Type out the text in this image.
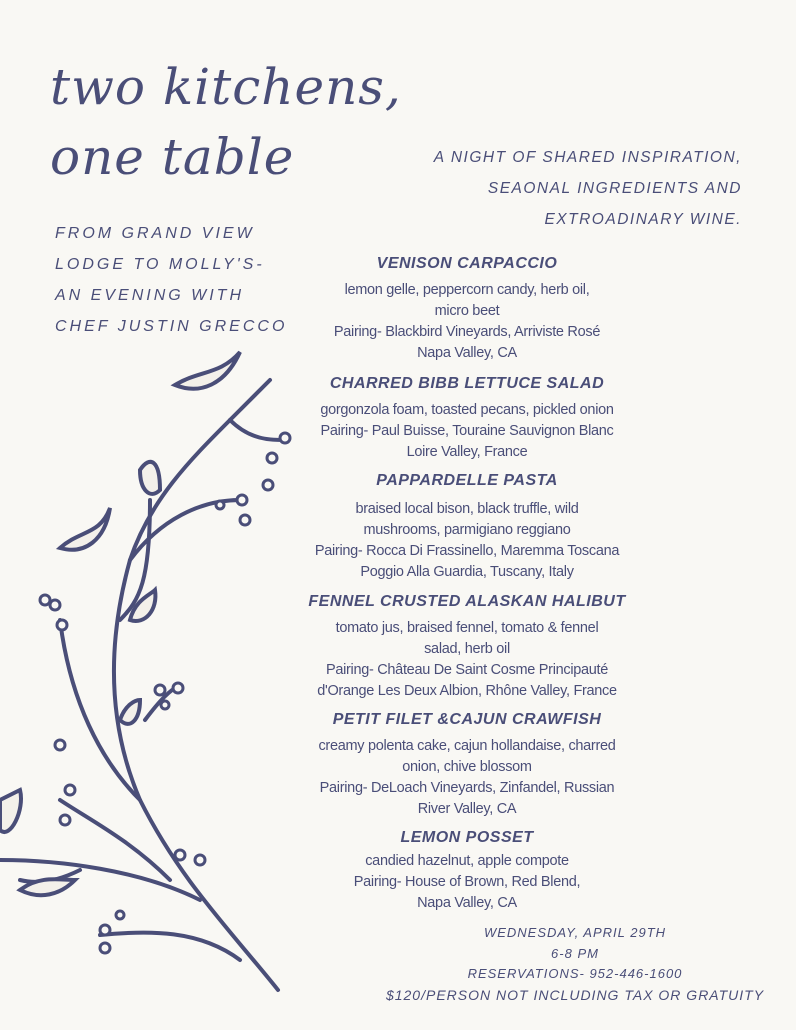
two kitchens,
one table
FROM GRAND VIEW
LODGE TO MOLLY'S-
AN EVENING WITH
CHEF JUSTIN GRECCO
A NIGHT OF SHARED INSPIRATION,
SEAONAL INGREDIENTS AND
EXTROADINARY WINE.
VENISON CARPACCIO
lemon gelle, peppercorn candy, herb oil,
micro beet
Pairing- Blackbird Vineyards, Arriviste Rosé
Napa Valley, CA
CHARRED BIBB LETTUCE SALAD
gorgonzola foam, toasted pecans, pickled onion
Pairing- Paul Buisse, Touraine Sauvignon Blanc
Loire Valley, France
PAPPARDELLE PASTA
braised local bison, black truffle, wild
mushrooms, parmigiano reggiano
Pairing- Rocca Di Frassinello, Maremma Toscana
Poggio Alla Guardia, Tuscany, Italy
FENNEL CRUSTED ALASKAN HALIBUT
tomato jus, braised fennel, tomato & fennel
salad, herb oil
Pairing- Château De Saint Cosme Principauté
d'Orange Les Deux Albion, Rhône Valley, France
PETIT FILET &CAJUN CRAWFISH
creamy polenta cake, cajun hollandaise, charred
onion, chive blossom
Pairing- DeLoach Vineyards, Zinfandel, Russian
River Valley, CA
LEMON POSSET
candied hazelnut, apple compote
Pairing- House of Brown, Red Blend,
Napa Valley, CA
WEDNESDAY, APRIL 29TH
6-8 PM
RESERVATIONS- 952-446-1600
$120/PERSON NOT INCLUDING TAX OR GRATUITY
